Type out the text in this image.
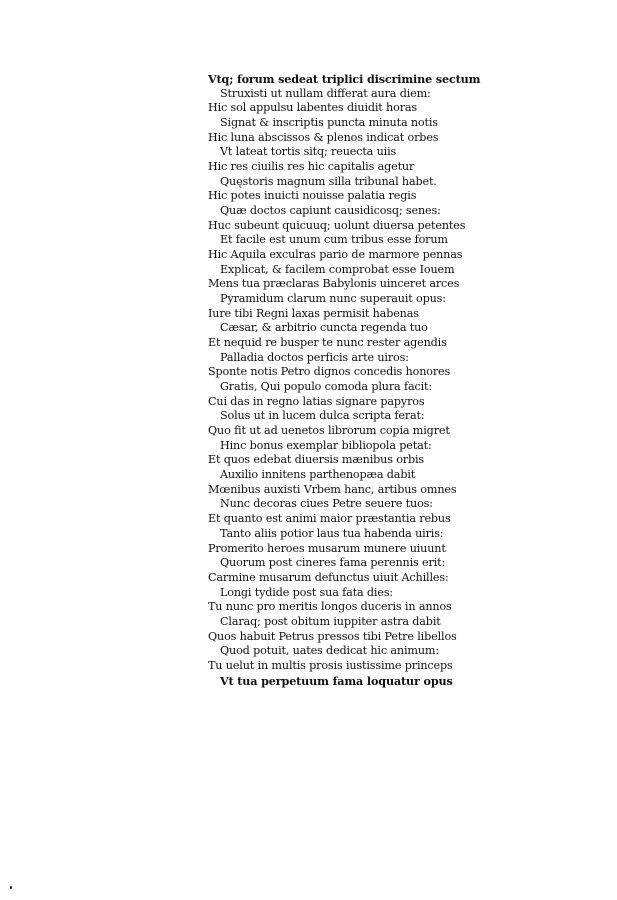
Vtq; forum sedeat triplici discrimine sectum
Struxisti ut nullam differat aura diem:
Hic sol appulsu labentes diuidit horas
Signat & inscriptis puncta minuta notis
Hic luna abscissos & plenos indicat orbes
Vt lateat tortis sitq; reuecta uiis
Hic res ciuilis res hic capitalis agetur
Quęstoris magnum silla tribunal habet.
Hic potes inuicti nouisse palatia regis
Quæ doctos capiunt causidicosq; senes:
Huc subeunt quicuuq; uolunt diuersa petentes
Et facile est unum cum tribus esse forum
Hic Aquila exculras pario de marmore pennas
Explicat, & facilem comprobat esse Iouem
Mens tua præclaras Babylonis uinceret arces
Pyramidum clarum nunc superauit opus:
Iure tibi Regni laxas permisit habenas
Cæsar, & arbitrio cuncta regenda tuo
Et nequid re busper te nunc rester agendis
Palladia doctos perficis arte uiros:
Sponte notis Petro dignos concedis honores
Gratis, Qui populo comoda plura facit:
Cui das in regno latias signare papyros
Solus ut in lucem dulca scripta ferat:
Quo fit ut ad uenetos librorum copia migret
Hinc bonus exemplar bibliopola petat:
Et quos edebat diuersis mænibus orbis
Auxilio innitens parthenopæa dabit
Mœnibus auxisti Vrbem hanc, artibus omnes
Nunc decoras ciues Petre seuere tuos:
Et quanto est animi maior præstantia rebus
Tanto aliis potior laus tua habenda uiris:
Promerito heroes musarum munere uiuunt
Quorum post cineres fama perennis erit:
Carmine musarum defunctus uiuit Achilles:
Longi tydide post sua fata dies:
Tu nunc pro meritis longos duceris in annos
Claraq; post obitum iuppiter astra dabit
Quos habuit Petrus pressos tibi Petre libellos
Quod potuit, uates dedicat hic animum:
Tu uelut in multis prosis iustissime princeps
Vt tua perpetuum fama loquatur opus
